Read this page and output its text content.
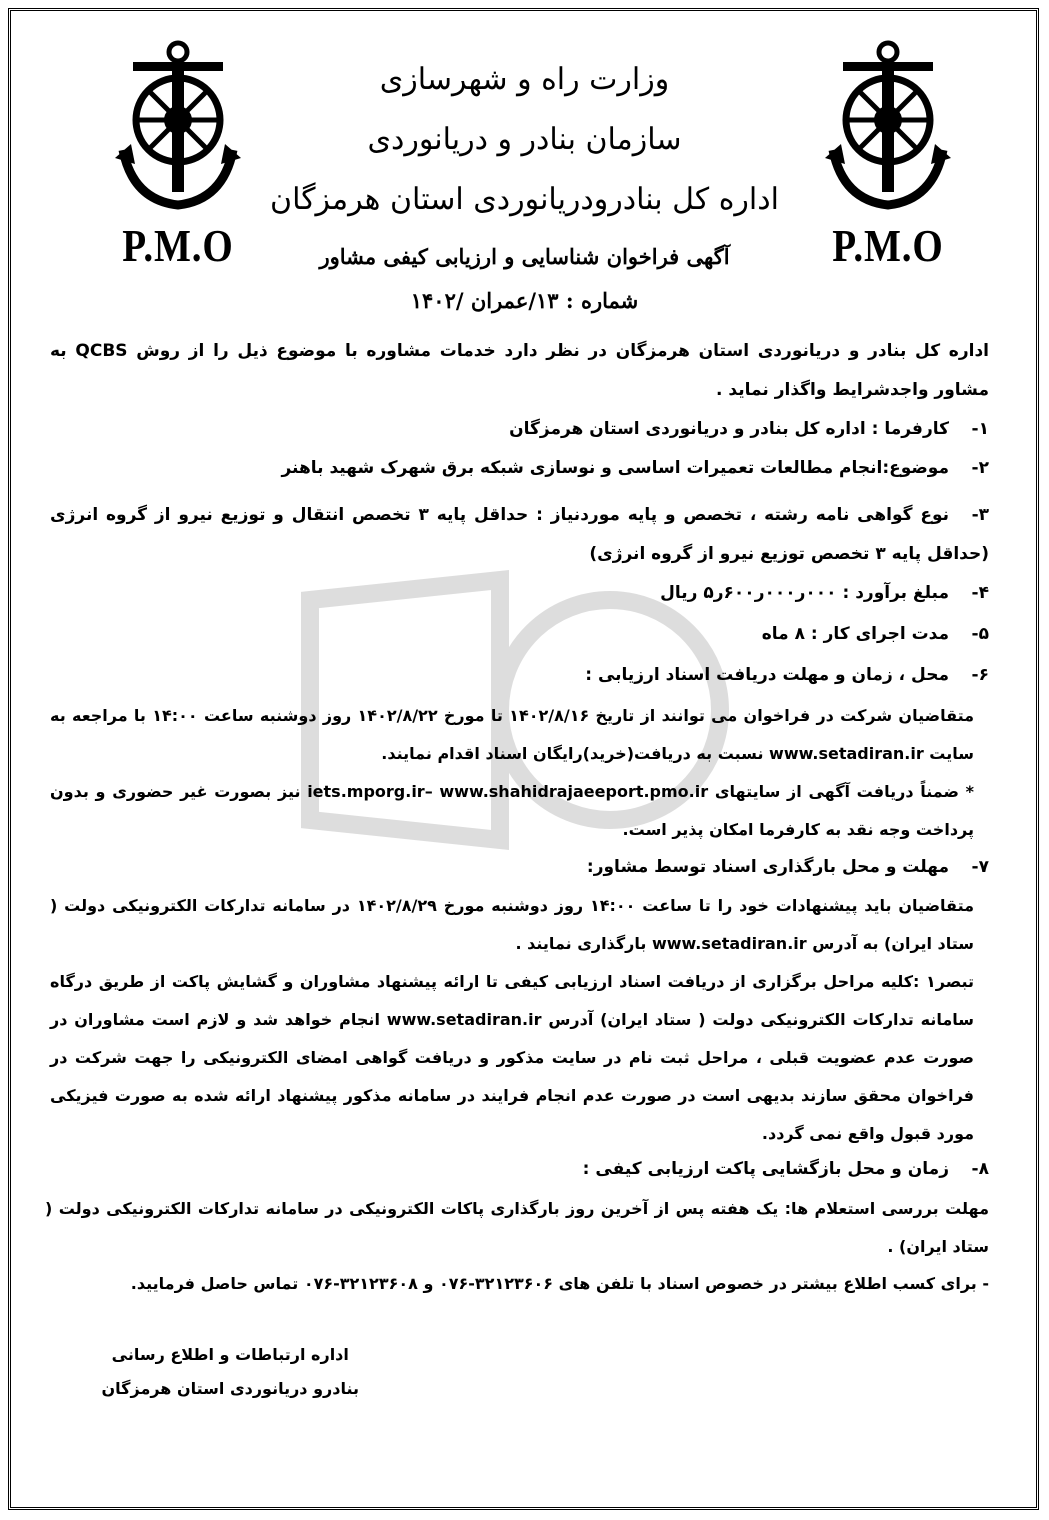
P.M.O	P.M.O
وزارت راه و شهرسازی
سازمان بنادر و دریانوردی
اداره کل بنادرودریانوردی استان هرمزگان
آگهی فراخوان شناسایی و ارزیابی کیفی مشاور
شماره : ۱۳/عمران /۱۴۰۲
اداره کل بنادر و دریانوردی استان هرمزگان در نظر دارد خدمات مشاوره با موضوع ذیل را از روش QCBS به مشاور واجدشرایط واگذار نماید .
۱-کارفرما : اداره کل بنادر و دریانوردی استان هرمزگان
۲-موضوع:انجام مطالعات تعمیرات اساسی و نوسازی شبکه برق شهرک شهید باهنر
۳-نوع گواهی نامه رشته ، تخصص و پایه موردنیاز : حداقل پایه ۳ تخصص انتقال و توزیع نیرو از گروه انرژی (حداقل پایه ۳ تخصص توزیع نیرو از گروه انرژی)
۴-مبلغ برآورد : ۰۰۰ر۰۰۰ر۶۰۰ر۵ ریال
۵-مدت اجرای کار : ۸ ماه
۶-محل ، زمان و مهلت دریافت اسناد ارزیابی :
متقاضیان شرکت در فراخوان می توانند از تاریخ ۱۴۰۲/۸/۱۶ تا مورخ ۱۴۰۲/۸/۲۲ روز دوشنبه ساعت ۱۴:۰۰ با مراجعه به سایت www.setadiran.ir نسبت به دریافت(خرید)رایگان اسناد اقدام نمایند.
* ضمناً دریافت آگهی از سایتهای iets.mporg.ir– www.shahidrajaeeport.pmo.ir نیز بصورت غیر حضوری و بدون پرداخت وجه نقد به کارفرما امکان پذیر است.
۷-مهلت و محل بارگذاری اسناد توسط مشاور:
متقاضیان باید پیشنهادات خود را تا ساعت ۱۴:۰۰ روز دوشنبه مورخ ۱۴۰۲/۸/۲۹ در سامانه تدارکات الکترونیکی دولت ( ستاد ایران) به آدرس www.setadiran.ir بارگذاری نمایند .
تبصر۱ :کلیه مراحل برگزاری از دریافت اسناد ارزیابی کیفی تا ارائه پیشنهاد مشاوران و گشایش پاکت از طریق درگاه سامانه تدارکات الکترونیکی دولت ( ستاد ایران) آدرس www.setadiran.ir انجام خواهد شد و لازم است مشاوران در صورت عدم عضویت قبلی ، مراحل ثبت نام در سایت مذکور و دریافت گواهی امضای الکترونیکی را جهت شرکت در فراخوان محقق سازند بدیهی است در صورت عدم انجام فرایند در سامانه مذکور پیشنهاد ارائه شده به صورت فیزیکی مورد قبول واقع نمی گردد.
۸-زمان و محل بازگشایی پاکت ارزیابی کیفی :
مهلت بررسی استعلام ها: یک هفته پس از آخرین روز بارگذاری پاکات الکترونیکی در سامانه تدارکات الکترونیکی دولت ( ستاد ایران) .
- برای کسب اطلاع بیشتر در خصوص اسناد با تلفن های ۳۲۱۲۳۶۰۶-۰۷۶ و ۳۲۱۲۳۶۰۸-۰۷۶ تماس حاصل فرمایید.
اداره ارتباطات و اطلاع رسانی
بنادرو دریانوردی استان هرمزگان
